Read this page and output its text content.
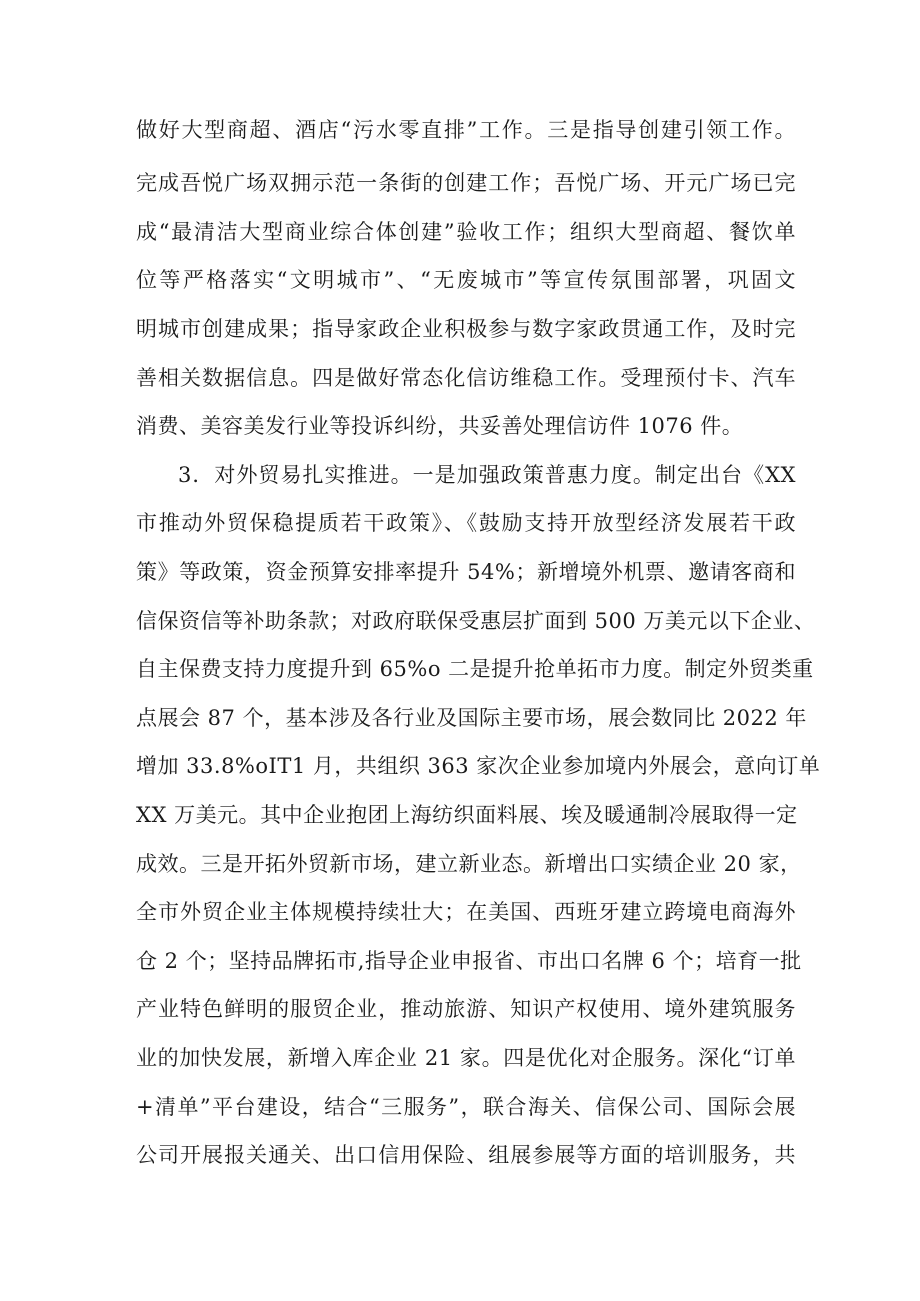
做好大型商超、酒店“污水零直排”工作。三是指导创建引领工作。
完成吾悦广场双拥示范一条街的创建工作；吾悦广场、开元广场已完
成“最清洁大型商业综合体创建”验收工作；组织大型商超、餐饮单
位等严格落实“文明城市”、“无废城市”等宣传氛围部署，巩固文
明城市创建成果；指导家政企业积极参与数字家政贯通工作，及时完
善相关数据信息。四是做好常态化信访维稳工作。受理预付卡、汽车
消费、美容美发行业等投诉纠纷，共妥善处理信访件 1076 件。
3．对外贸易扎实推进。一是加强政策普惠力度。制定出台《XX
市推动外贸保稳提质若干政策》、《鼓励支持开放型经济发展若干政
策》等政策，资金预算安排率提升 54%；新增境外机票、邀请客商和
信保资信等补助条款；对政府联保受惠层扩面到 500 万美元以下企业、
自主保费支持力度提升到 65%o 二是提升抢单拓市力度。制定外贸类重
点展会 87 个，基本涉及各行业及国际主要市场，展会数同比 2022 年
增加 33.8%oIT1 月，共组织 363 家次企业参加境内外展会，意向订单
XX 万美元。其中企业抱团上海纺织面料展、埃及暖通制冷展取得一定
成效。三是开拓外贸新市场，建立新业态。新增出口实绩企业 20 家，
全市外贸企业主体规模持续壮大；在美国、西班牙建立跨境电商海外
仓 2 个；坚持品牌拓市,指导企业申报省、市出口名牌 6 个；培育一批
产业特色鲜明的服贸企业，推动旅游、知识产权使用、境外建筑服务
业的加快发展，新增入库企业 21 家。四是优化对企服务。深化“订单
+清单”平台建设，结合“三服务”，联合海关、信保公司、国际会展
公司开展报关通关、出口信用保险、组展参展等方面的培训服务，共
